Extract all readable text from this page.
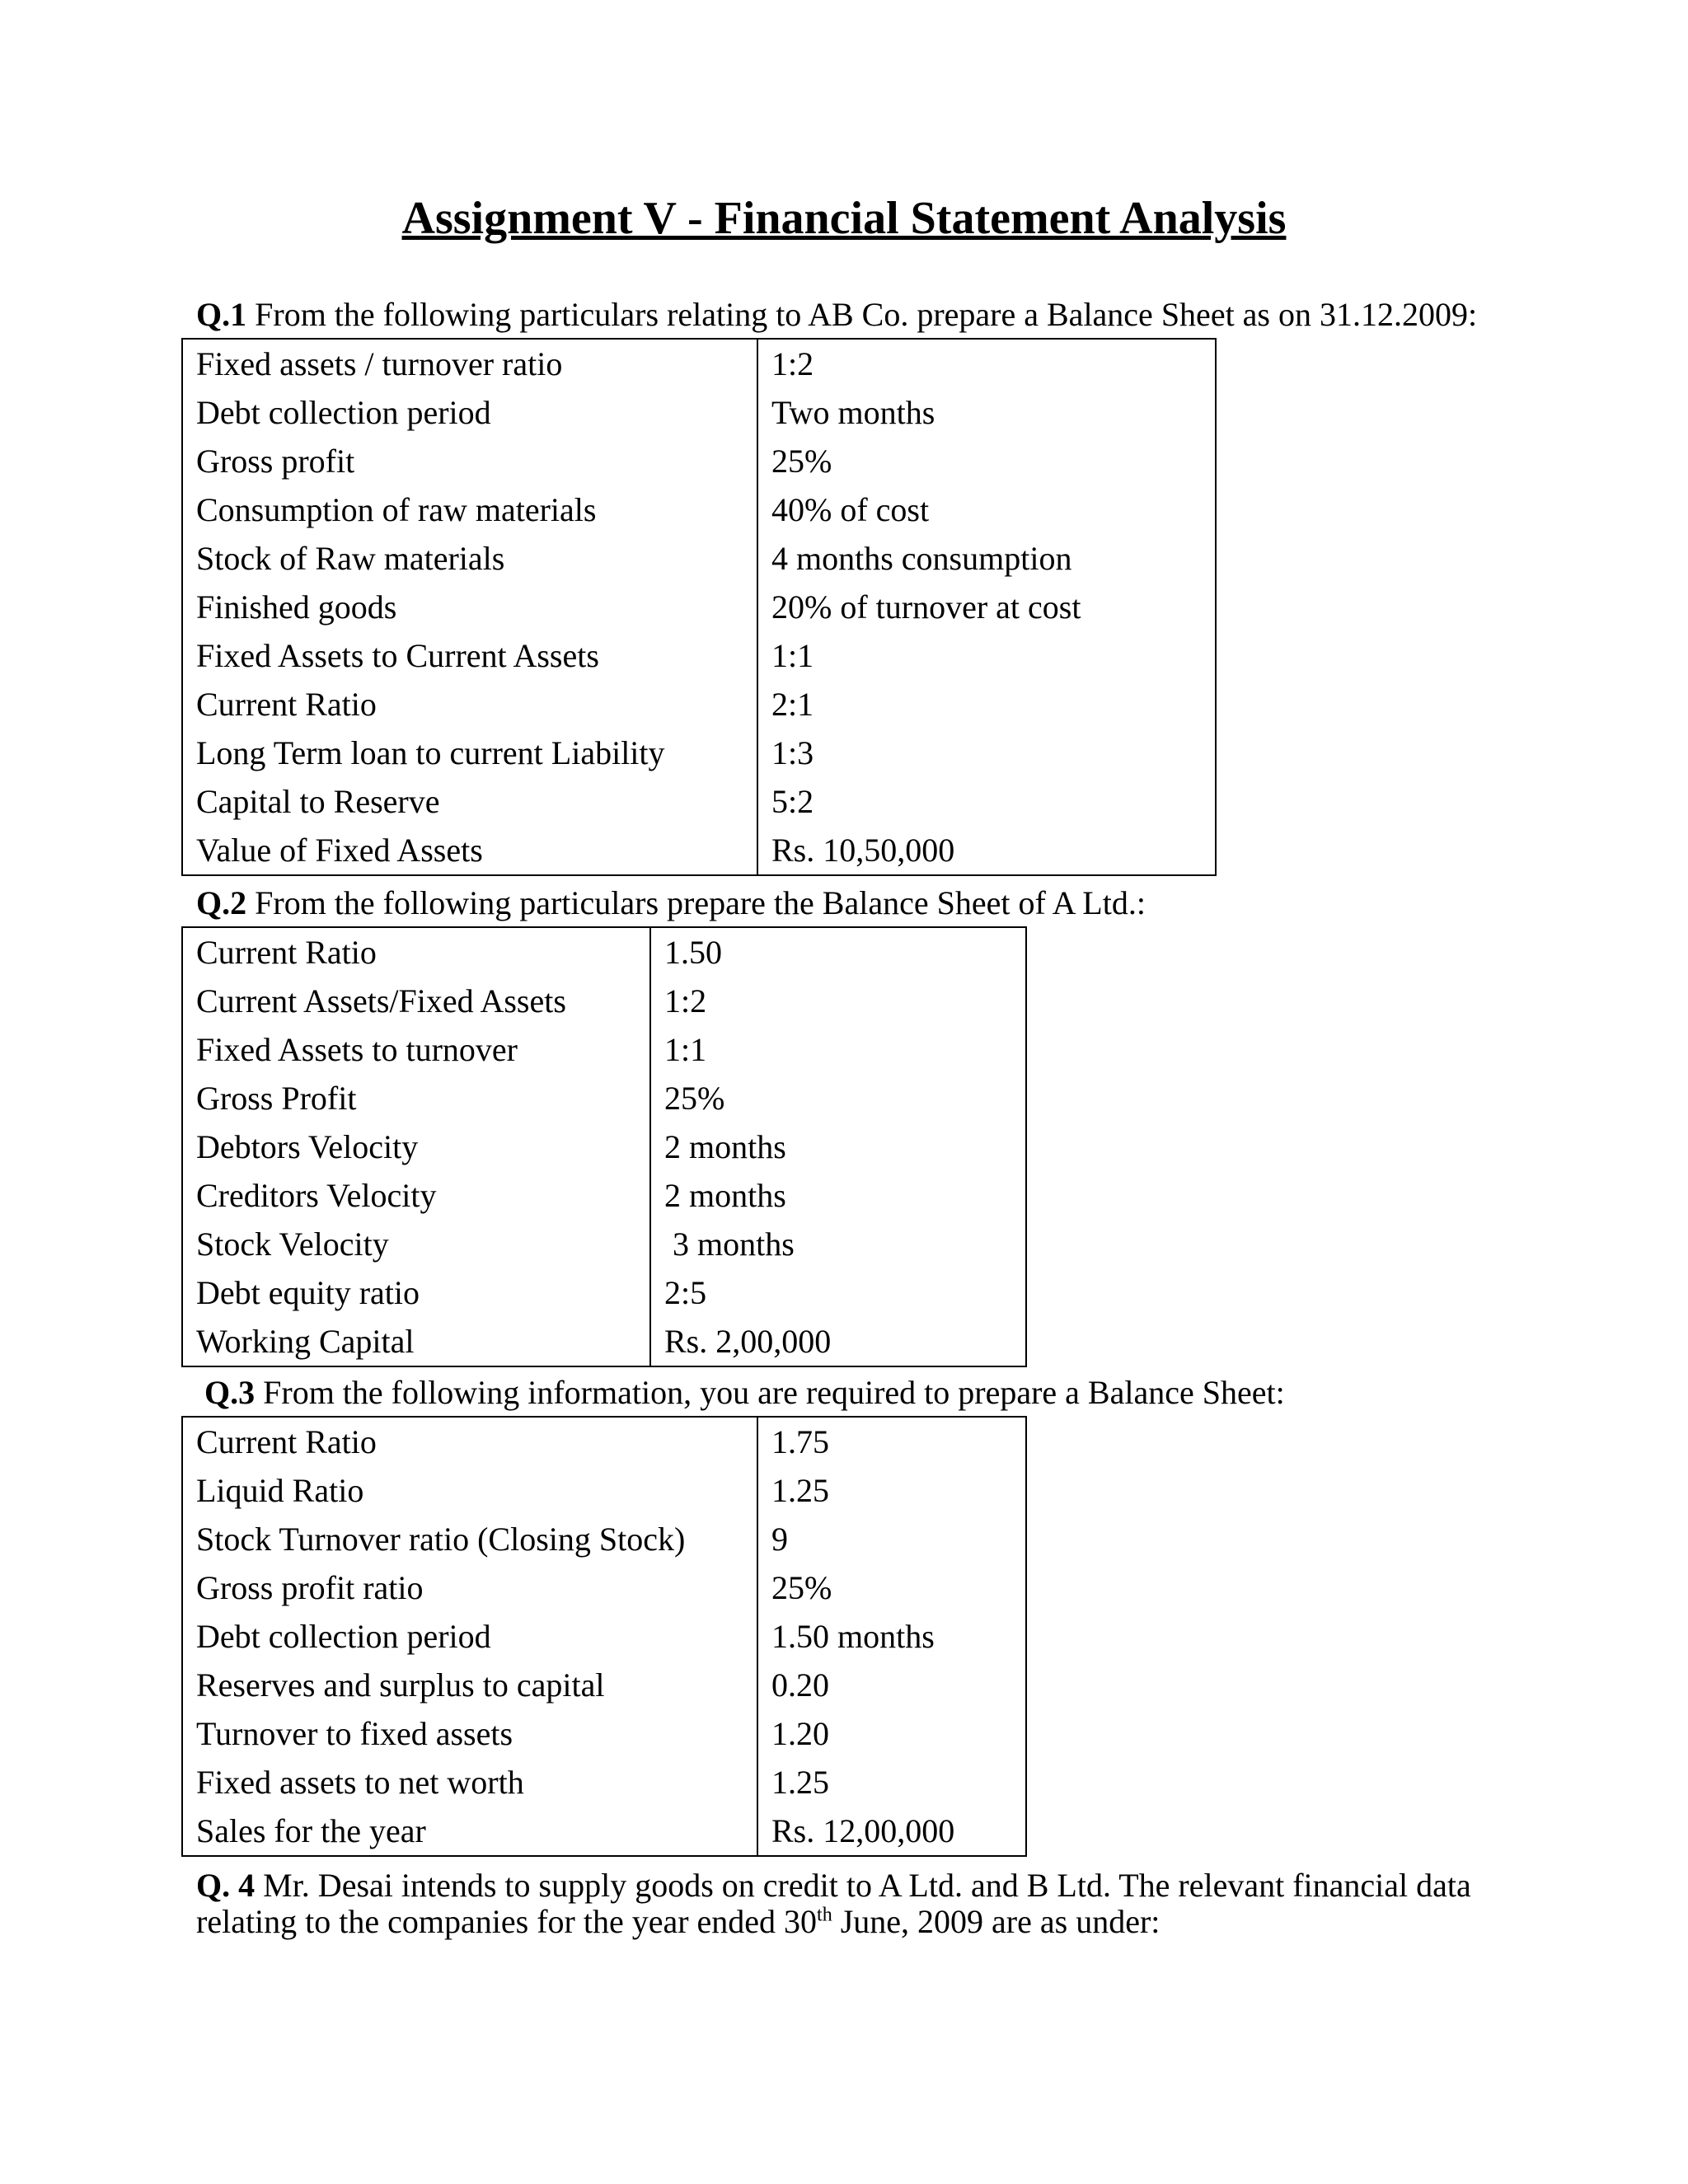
Assignment V - Financial Statement Analysis
Q.1 From the following particulars relating to AB Co. prepare a Balance Sheet as on 31.12.2009:
Fixed assets / turnover ratio	1:2
Debt collection period	Two months
Gross profit	25%
Consumption of raw materials	40% of cost
Stock of Raw materials	4 months consumption
Finished goods	20% of turnover at cost
Fixed Assets to Current Assets	1:1
Current Ratio	2:1
Long Term loan to current Liability	1:3
Capital to Reserve	5:2
Value of Fixed Assets	Rs. 10,50,000
Q.2 From the following particulars prepare the Balance Sheet of A Ltd.:
Current Ratio	1.50
Current Assets/Fixed Assets	1:2
Fixed Assets to turnover	1:1
Gross Profit	25%
Debtors Velocity	2 months
Creditors Velocity	2 months
Stock Velocity	3 months
Debt equity ratio	2:5
Working Capital	Rs. 2,00,000
Q.3 From the following information, you are required to prepare a Balance Sheet:
Current Ratio	1.75
Liquid Ratio	1.25
Stock Turnover ratio (Closing Stock)	9
Gross profit ratio	25%
Debt collection period	1.50 months
Reserves and surplus to capital	0.20
Turnover to fixed assets	1.20
Fixed assets to net worth	1.25
Sales for the year	Rs. 12,00,000
Q. 4 Mr. Desai intends to supply goods on credit to A Ltd. and B Ltd. The relevant financial data
relating to the companies for the year ended 30th June, 2009 are as under:
